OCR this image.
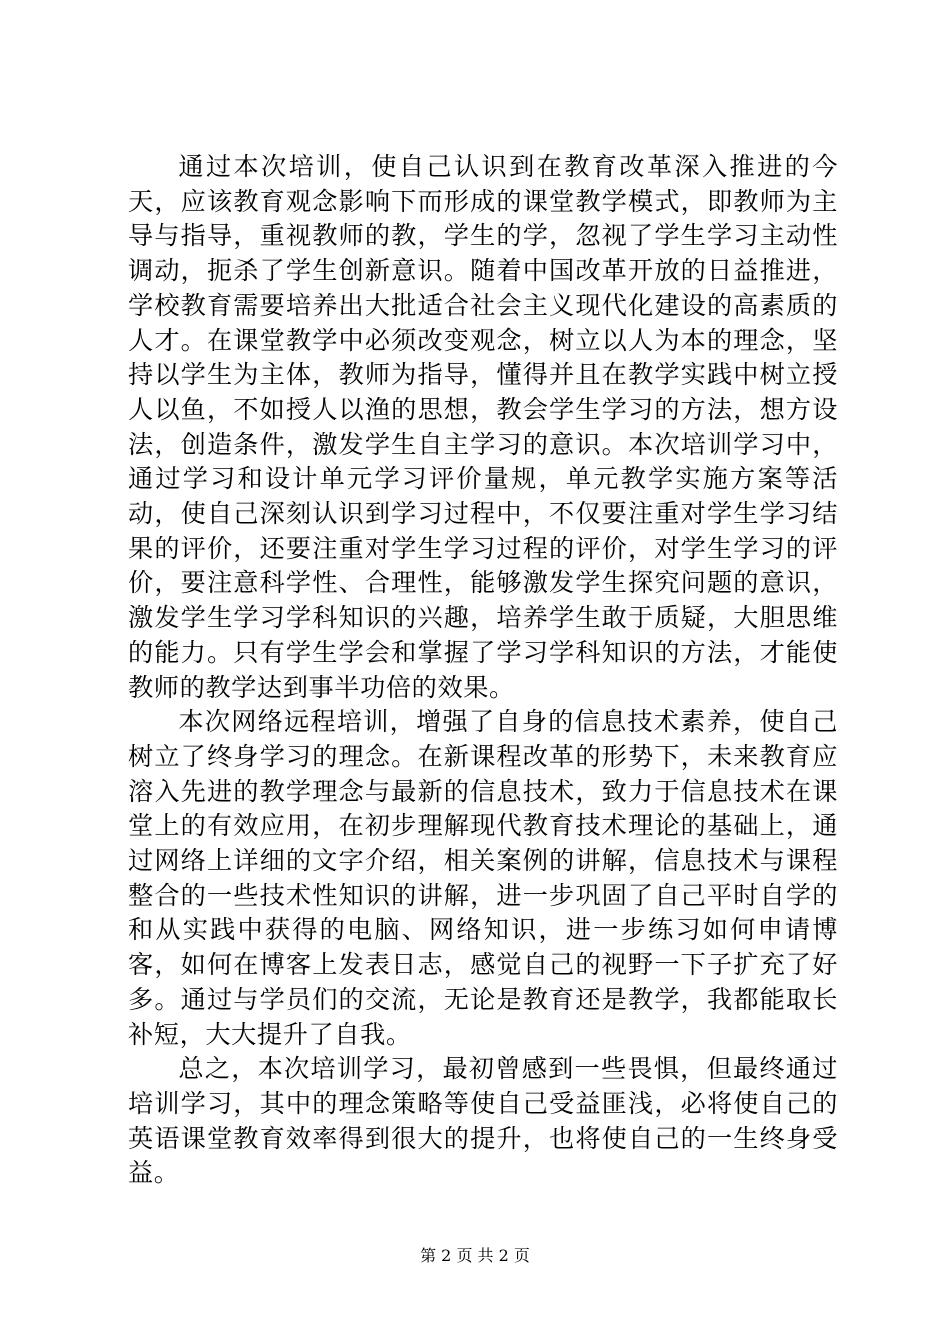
通过本次培训，使自己认识到在教育改革深入推进的今天，应该教育观念影响下而形成的课堂教学模式，即教师为主导与指导，重视教师的教，学生的学，忽视了学生学习主动性调动，扼杀了学生创新意识。随着中国改革开放的日益推进，学校教育需要培养出大批适合社会主义现代化建设的高素质的人才。在课堂教学中必须改变观念，树立以人为本的理念，坚持以学生为主体，教师为指导，懂得并且在教学实践中树立授人以鱼，不如授人以渔的思想，教会学生学习的方法，想方设法，创造条件，激发学生自主学习的意识。本次培训学习中，通过学习和设计单元学习评价量规，单元教学实施方案等活动，使自己深刻认识到学习过程中，不仅要注重对学生学习结果的评价，还要注重对学生学习过程的评价，对学生学习的评价，要注意科学性、合理性，能够激发学生探究问题的意识，激发学生学习学科知识的兴趣，培养学生敢于质疑，大胆思维的能力。只有学生学会和掌握了学习学科知识的方法，才能使教师的教学达到事半功倍的效果。

本次网络远程培训，增强了自身的信息技术素养，使自己树立了终身学习的理念。在新课程改革的形势下，未来教育应溶入先进的教学理念与最新的信息技术，致力于信息技术在课堂上的有效应用，在初步理解现代教育技术理论的基础上，通过网络上详细的文字介绍，相关案例的讲解，信息技术与课程整合的一些技术性知识的讲解，进一步巩固了自己平时自学的和从实践中获得的电脑、网络知识，进一步练习如何申请博客，如何在博客上发表日志，感觉自己的视野一下子扩充了好多。通过与学员们的交流，无论是教育还是教学，我都能取长补短，大大提升了自我。

总之，本次培训学习，最初曾感到一些畏惧，但最终通过培训学习，其中的理念策略等使自己受益匪浅，必将使自己的英语课堂教育效率得到很大的提升，也将使自己的一生终身受益。

第 2 页 共 2 页
